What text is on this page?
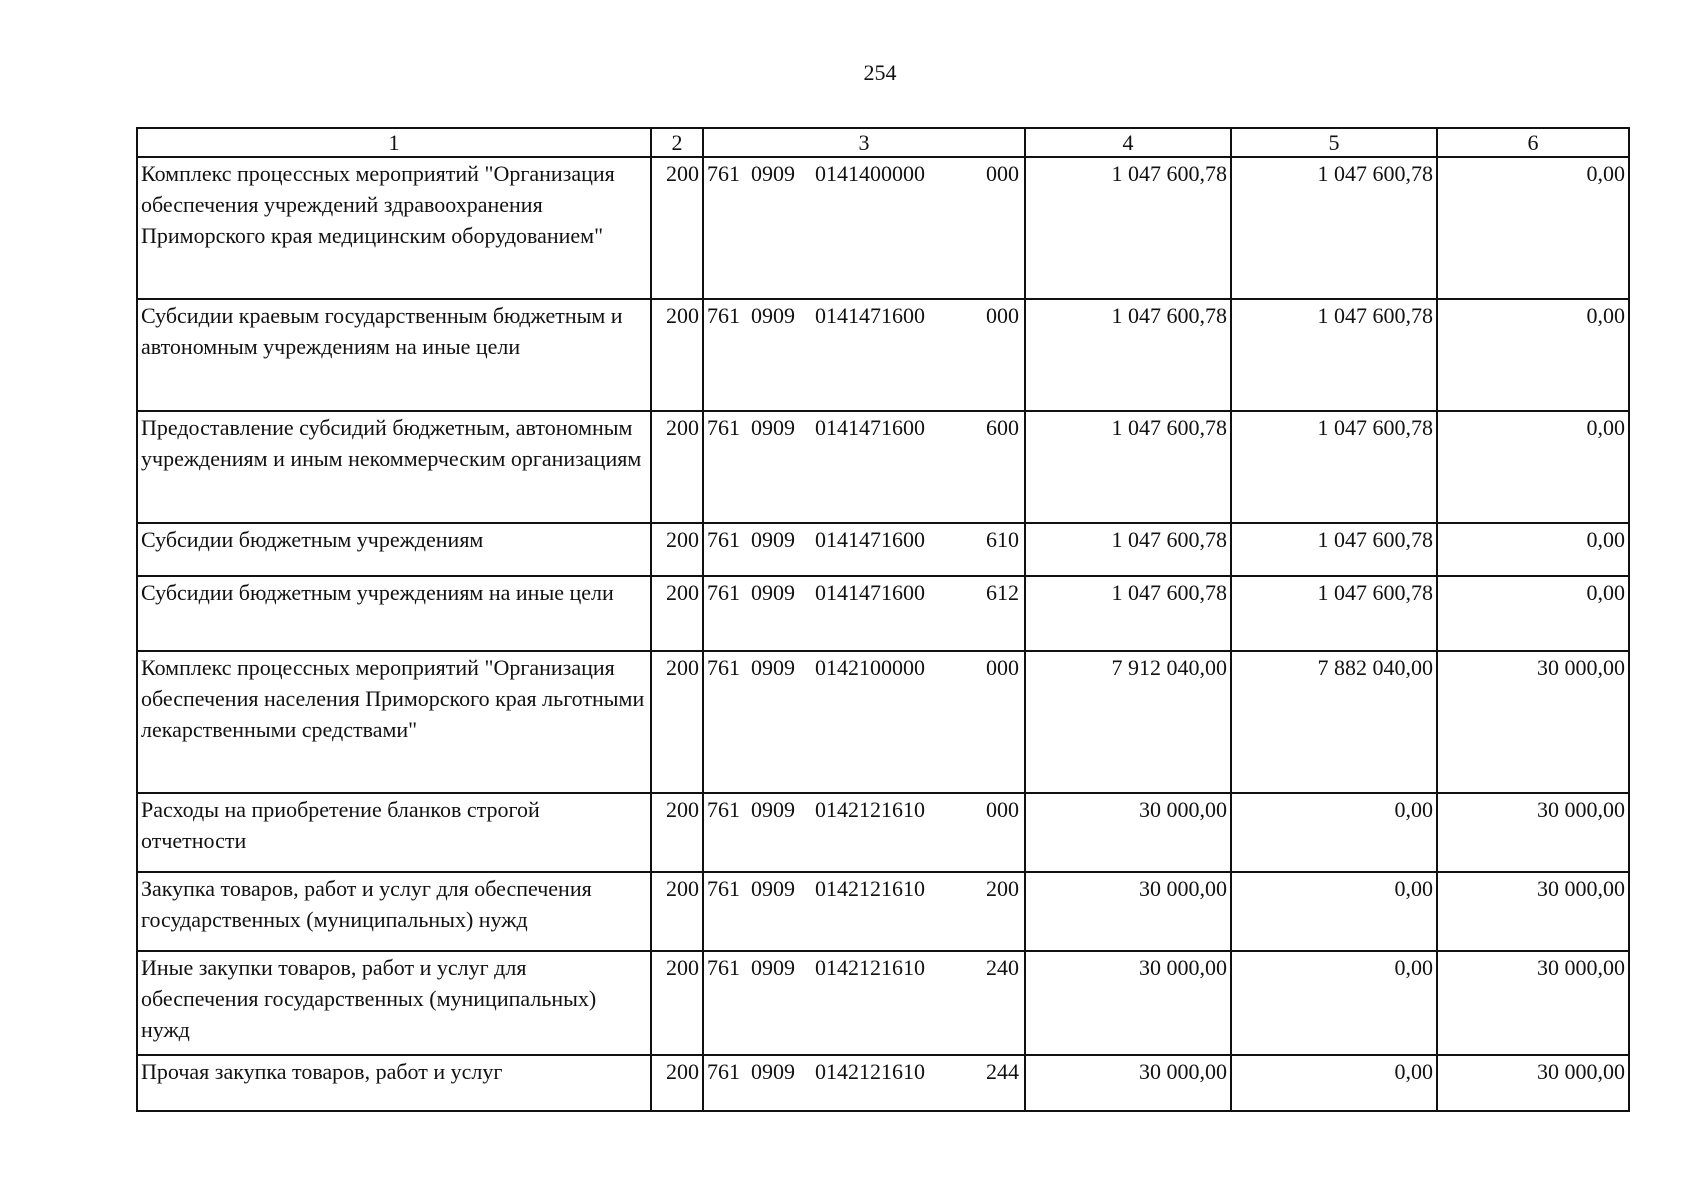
254
1	2	3	4	5	6
Комплекс процессных мероприятий "Организация обеспечения учреждений здравоохранения Приморского края медицинским оборудованием"	200	761 0909 0141400000 000	1 047 600,78	1 047 600,78	0,00
Субсидии краевым государственным бюджетным и автономным учреждениям на иные цели	200	761 0909 0141471600 000	1 047 600,78	1 047 600,78	0,00
Предоставление субсидий бюджетным, автономным учреждениям и иным некоммерческим организациям	200	761 0909 0141471600 600	1 047 600,78	1 047 600,78	0,00
Субсидии бюджетным учреждениям	200	761 0909 0141471600 610	1 047 600,78	1 047 600,78	0,00
Субсидии бюджетным учреждениям на иные цели	200	761 0909 0141471600 612	1 047 600,78	1 047 600,78	0,00
Комплекс процессных мероприятий "Организация обеспечения населения Приморского края льготными лекарственными средствами"	200	761 0909 0142100000 000	7 912 040,00	7 882 040,00	30 000,00
Расходы на приобретение бланков строгой отчетности	200	761 0909 0142121610 000	30 000,00	0,00	30 000,00
Закупка товаров, работ и услуг для обеспечения государственных (муниципальных) нужд	200	761 0909 0142121610 200	30 000,00	0,00	30 000,00
Иные закупки товаров, работ и услуг для обеспечения государственных (муниципальных) нужд	200	761 0909 0142121610 240	30 000,00	0,00	30 000,00
Прочая закупка товаров, работ и услуг	200	761 0909 0142121610 244	30 000,00	0,00	30 000,00
